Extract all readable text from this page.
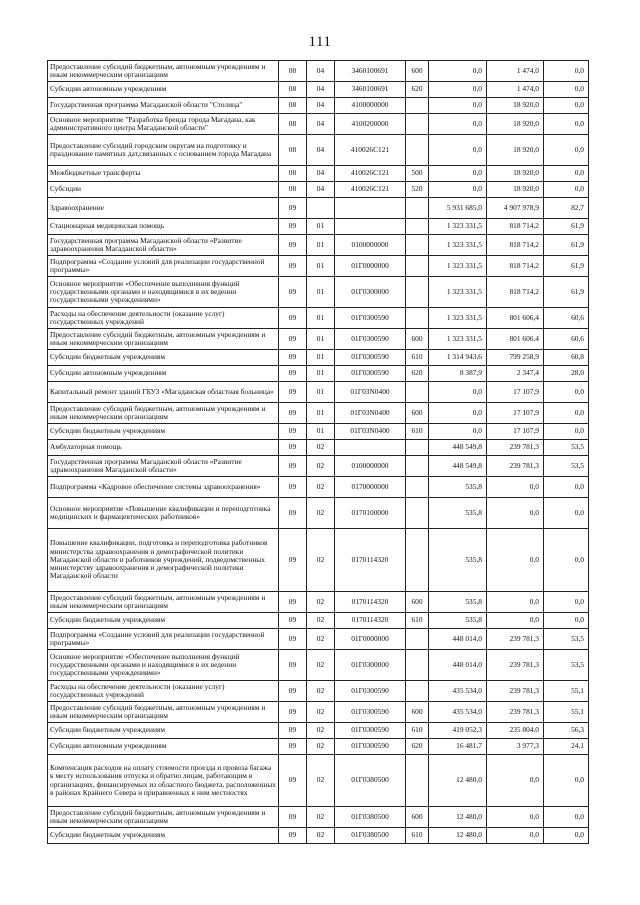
111
Предоставление субсидий бюджетным, автономным учреждениям и иным некоммерческим организациям	08	04	3460100691	600	0,0	1 474,0	0,0
Субсидии автономным учреждениям	08	04	3460100691	620	0,0	1 474,0	0,0
Государственная программа Магаданской области "Столица"	08	04	4100000000		0,0	18 920,0	0,0
Основное мероприятие "Разработка бренда города Магадана, как административного центра Магаданской области"	08	04	4100200000		0,0	18 920,0	0,0
Предоставление субсидий городским округам на подготовку и празднование памятных дат,связанных с основанием города Магадана	08	04	410026С121		0,0	18 920,0	0,0
Межбюджетные трансферты	08	04	410026С121	500	0,0	18 920,0	0,0
Субсидии	08	04	410026С121	520	0,0	18 920,0	0,0
Здравоохранение	09				5 931 685,0	4 907 978,9	82,7
Стационарная медицинская помощь	09	01			1 323 331,5	818 714,2	61,9
Государственная программа Магаданской области «Развитие здравоохранения Магаданской области»	09	01	0100000000		1 323 331,5	818 714,2	61,9
Подпрограмма «Создание условий для реализации государственной программы»	09	01	01Г0000000		1 323 331,5	818 714,2	61,9
Основное мероприятие «Обеспечение выполнения функций государственными органами и находящимися в их ведении государственными учреждениями»	09	01	01Г0300000		1 323 331,5	818 714,2	61,9
Расходы на обеспечение деятельности (оказание услуг) государственных учреждений	09	01	01Г0300590		1 323 331,5	801 606,4	60,6
Предоставление субсидий бюджетным, автономным учреждениям и иным некоммерческим организациям	09	01	01Г0300590	600	1 323 331,5	801 606,4	60,6
Субсидии бюджетным учреждениям	09	01	01Г0300590	610	1 314 943,6	799 258,9	60,8
Субсидии автономным учреждениям	09	01	01Г0300590	620	8 387,9	2 347,4	28,0
Капитальный ремонт зданий ГБУЗ «Магаданская областная больница»	09	01	01Г03N0400		0,0	17 107,9	0,0
Предоставление субсидий бюджетным, автономным учреждениям и иным некоммерческим организациям	09	01	01Г03N0400	600	0,0	17 107,9	0,0
Субсидии бюджетным учреждениям	09	01	01Г03N0400	610	0,0	17 107,9	0,0
Амбулаторная помощь	09	02			448 549,8	239 781,3	53,5
Государственная программа Магаданской области «Развитие здравоохранения Магаданской области»	09	02	0100000000		448 549,8	239 781,3	53,5
Подпрограмма «Кадровое обеспечение системы здравоохранения»	09	02	0170000000		535,8	0,0	0,0
Основное мероприятие «Повышение квалификации и переподготовка медицинских и фармацевтических работников»	09	02	0170100000		535,8	0,0	0,0
Повышение квалификации, подготовка и переподготовка работников министерства здравоохранения и демографической политики Магаданской области и работников учреждений, подведомственных министерству здравоохранения и демографической политики Магаданской области	09	02	0170114320		535,8	0,0	0,0
Предоставление субсидий бюджетным, автономным учреждениям и иным некоммерческим организациям	09	02	0170114320	600	535,8	0,0	0,0
Субсидии бюджетным учреждениям	09	02	0170114320	610	535,8	0,0	0,0
Подпрограмма «Создание условий для реализации государственной программы»	09	02	01Г0000000		448 014,0	239 781,3	53,5
Основное мероприятие «Обеспечение выполнения функций государственными органами и находящимися в их ведении государственными учреждениями»	09	02	01Г0300000		448 014,0	239 781,3	53,5
Расходы на обеспечение деятельности (оказание услуг) государственных учреждений	09	02	01Г0300590		435 534,0	239 781,3	55,1
Предоставление субсидий бюджетным, автономным учреждениям и иным некоммерческим организациям	09	02	01Г0300590	600	435 534,0	239 781,3	55,1
Субсидии бюджетным учреждениям	09	02	01Г0300590	610	419 052,3	235 804,0	56,3
Субсидии автономным учреждениям	09	02	01Г0300590	620	16 481,7	3 977,3	24,1
Компенсация расходов на оплату стоимости проезда и провоза багажа к месту использования отпуска и обратно лицам, работающим в организациях, финансируемых из областного бюджета, расположенных в районах Крайнего Севера и приравненных к ним местностях	09	02	01Г0380500		12 480,0	0,0	0,0
Предоставление субсидий бюджетным, автономным учреждениям и иным некоммерческим организациям	09	02	01Г0380500	600	12 480,0	0,0	0,0
Субсидии бюджетным учреждениям	09	02	01Г0380500	610	12 480,0	0,0	0,0
